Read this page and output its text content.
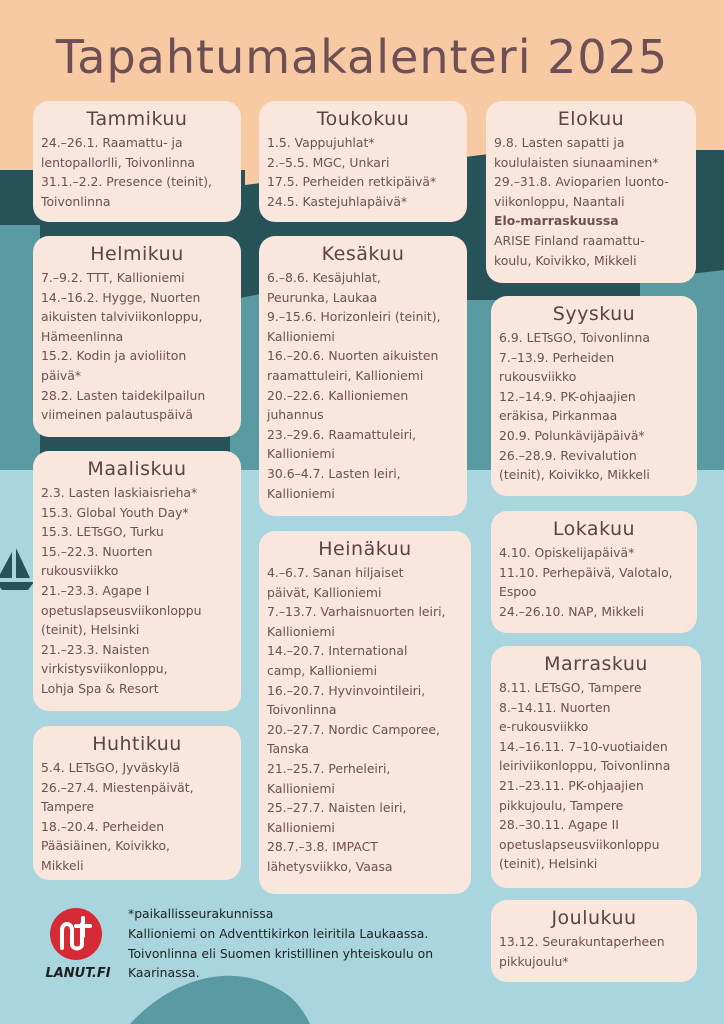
Tapahtumakalenteri 2025
Tammikuu
24.–26.1. Raamattu- ja
lentopallorlli, Toivonlinna
31.1.–2.2. Presence (teinit),
Toivonlinna
Helmikuu
7.–9.2. TTT, Kallioniemi
14.–16.2. Hygge, Nuorten
aikuisten talviviikonloppu,
Hämeenlinna
15.2. Kodin ja avioliiton
päivä*
28.2. Lasten taidekilpailun
viimeinen palautuspäivä
Maaliskuu
2.3. Lasten laskiaisrieha*
15.3. Global Youth Day*
15.3. LETsGO, Turku
15.–22.3. Nuorten
rukousviikko
21.–23.3. Agape I
opetuslapseusviikonloppu
(teinit), Helsinki
21.–23.3. Naisten
virkistysviikonloppu,
Lohja Spa & Resort
Huhtikuu
5.4. LETsGO, Jyväskylä
26.–27.4. Miestenpäivät,
Tampere
18.–20.4. Perheiden
Pääsiäinen, Koivikko,
Mikkeli
Toukokuu
1.5. Vappujuhlat*
2.–5.5. MGC, Unkari
17.5. Perheiden retkipäivä*
24.5. Kastejuhlapäivä*
Kesäkuu
6.–8.6. Kesäjuhlat,
Peurunka, Laukaa
9.–15.6. Horizonleiri (teinit),
Kallioniemi
16.–20.6. Nuorten aikuisten
raamattuleiri, Kallioniemi
20.–22.6. Kallioniemen
juhannus
23.–29.6. Raamattuleiri,
Kallioniemi
30.6–4.7. Lasten leiri,
Kallioniemi
Heinäkuu
4.–6.7. Sanan hiljaiset
päivät, Kallioniemi
7.–13.7. Varhaisnuorten leiri,
Kallioniemi
14.–20.7. International
camp, Kallioniemi
16.–20.7. Hyvinvointileiri,
Toivonlinna
20.–27.7. Nordic Camporee,
Tanska
21.–25.7. Perheleiri,
Kallioniemi
25.–27.7. Naisten leiri,
Kallioniemi
28.7.–3.8. IMPACT
lähetysviikko, Vaasa
Elokuu
9.8. Lasten sapatti ja
koululaisten siunaaminen*
29.–31.8. Avioparien luonto-
viikonloppu, Naantali
Elo-marraskuussa
ARISE Finland raamattu-
koulu, Koivikko, Mikkeli
Syyskuu
6.9. LETsGO, Toivonlinna
7.–13.9. Perheiden
rukousviikko
12.–14.9. PK-ohjaajien
eräkisa, Pirkanmaa
20.9. Polunkävijäpäivä*
26.–28.9. Revivalution
(teinit), Koivikko, Mikkeli
Lokakuu
4.10. Opiskelijapäivä*
11.10. Perhepäivä, Valotalo,
Espoo
24.–26.10. NAP, Mikkeli
Marraskuu
8.11. LETsGO, Tampere
8.–14.11. Nuorten
e-rukousviikko
14.–16.11. 7–10-vuotiaiden
leiriviikonloppu, Toivonlinna
21.–23.11. PK-ohjaajien
pikkujoulu, Tampere
28.–30.11. Agape II
opetuslapseusviikonloppu
(teinit), Helsinki
Joulukuu
13.12. Seurakuntaperheen
pikkujoulu*
LANUT.FI
*paikallisseurakunnissa
Kallioniemi on Adventtikirkon leiritila Laukaassa.
Toivonlinna eli Suomen kristillinen yhteiskoulu on
Kaarinassa.
